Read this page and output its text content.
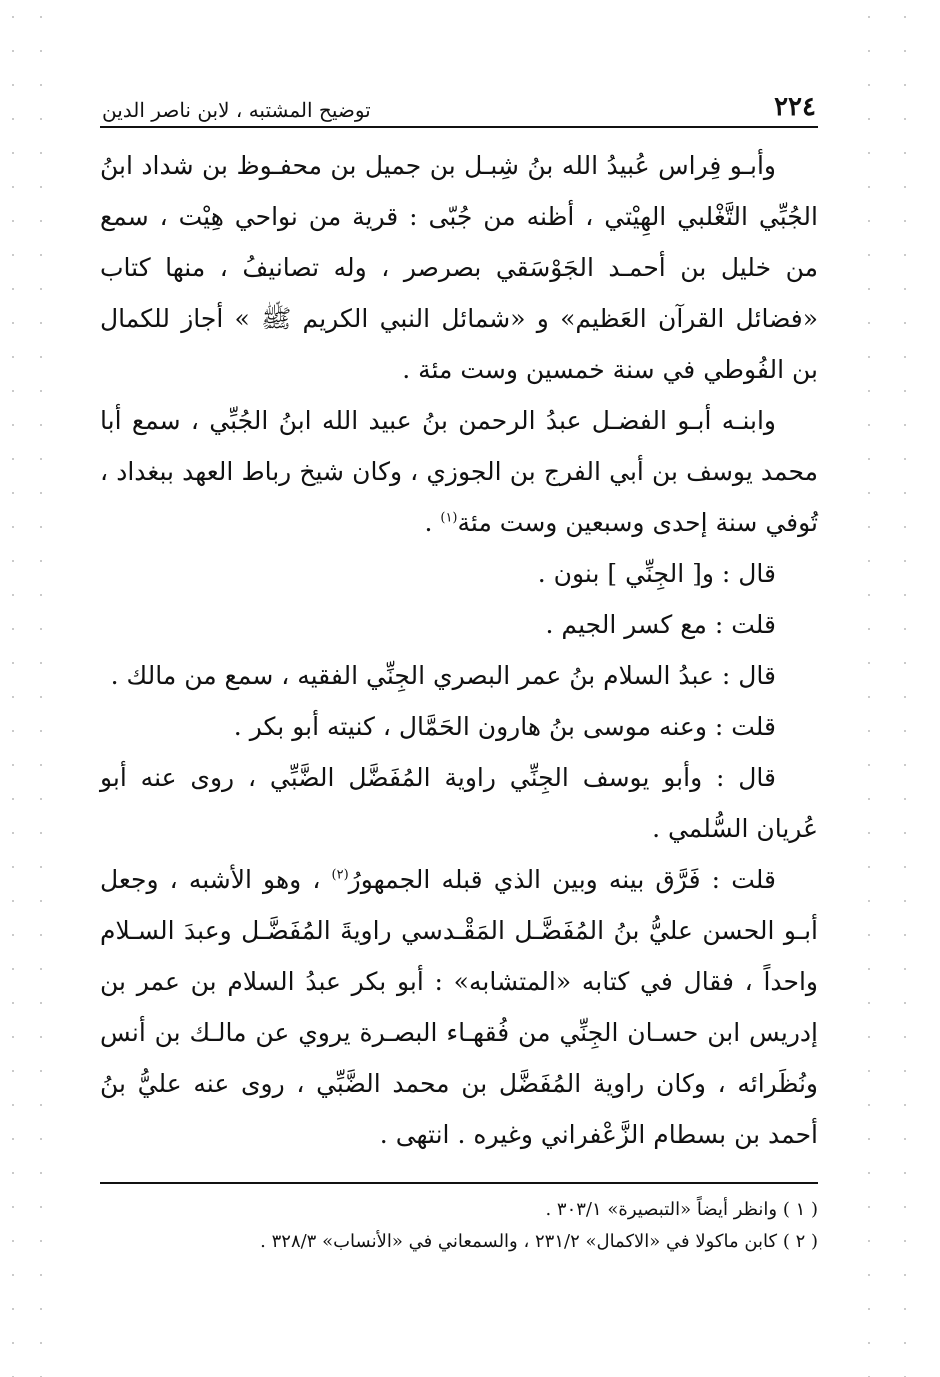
٢٢٤
توضيح المشتبه ، لابن ناصر الدين

وأبـو فِراس عُبيدُ الله بنُ شِبـل بن جميل بن محفـوظ بن شداد ابنُ الجُبِّي التَّغْلبي الهِيْتي ، أظنه من جُبّى : قرية من نواحي هِيْت ، سمع من خليل بن أحمـد الجَوْسَقي بصرصر ، وله تصانيفُ ، منها كتاب «فضائل القرآن العَظيم» و «شمائل النبي الكريم ﷺ » أجاز للكمال بن الفُوطي في سنة خمسين وست مئة .

وابنـه أبـو الفضـل عبدُ الرحمن بنُ عبيد الله ابنُ الجُبِّي ، سمع أبا محمد يوسف بن أبي الفرج بن الجوزي ، وكان شيخ رباط العهد ببغداد ، تُوفي سنة إحدى وسبعين وست مئة$^{(١)}$ .

قال : و[ الجِنِّي ] بنون .

قلت : مع كسر الجيم .

قال : عبدُ السلام بنُ عمر البصري الجِنِّي الفقيه ، سمع من مالك .

قلت : وعنه موسى بنُ هارون الحَمَّال ، كنيته أبو بكر .

قال : وأبو يوسف الجِنِّي راوية المُفَضَّل الضَّبِّي ، روى عنه أبو عُريان السُّلمي .

قلت : فَرَّق بينه وبين الذي قبله الجمهورُ$^{(٢)}$ ، وهو الأشبه ، وجعل أبـو الحسن عليُّ بنُ المُفَضَّـل المَقْـدسي راويةَ المُفَضَّـل وعبدَ السـلام واحداً ، فقال في كتابه «المتشابه» : أبو بكر عبدُ السلام بن عمر بن إدريس ابن حسـان الجِنِّي من فُقهـاء البصـرة يروي عن مالـك بن أنس ونُظَرائه ، وكان راوية المُفَضَّل بن محمد الضَّبِّي ، روى عنه عليُّ بنُ أحمد بن بسطام الزَّعْفراني وغيره . انتهى .

( ١ ) وانظر أيضاً «التبصيرة» ٣٠٣/١ .

( ٢ ) كابن ماكولا في «الاكمال» ٢٣١/٢ ، والسمعاني في «الأنساب» ٣٢٨/٣ .
